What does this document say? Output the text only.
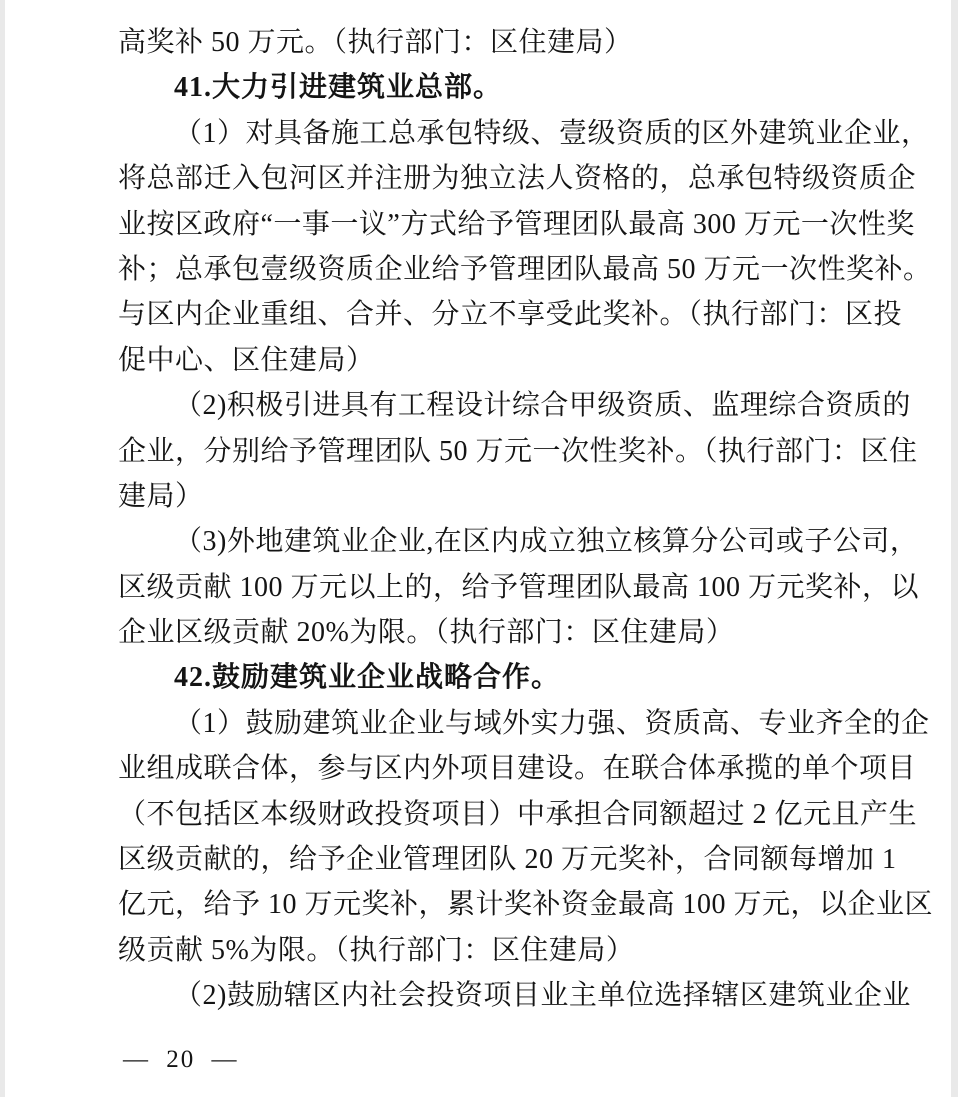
高奖补 50 万元。（执行部门：区住建局）
41.大力引进建筑业总部。
（1）对具备施工总承包特级、壹级资质的区外建筑业企业，
将总部迁入包河区并注册为独立法人资格的，总承包特级资质企
业按区政府“一事一议”方式给予管理团队最高 300 万元一次性奖
补；总承包壹级资质企业给予管理团队最高 50 万元一次性奖补。
与区内企业重组、合并、分立不享受此奖补。（执行部门：区投
促中心、区住建局）
（2)积极引进具有工程设计综合甲级资质、监理综合资质的
企业，分别给予管理团队 50 万元一次性奖补。（执行部门：区住
建局）
（3)外地建筑业企业,在区内成立独立核算分公司或子公司，
区级贡献 100 万元以上的，给予管理团队最高 100 万元奖补，以
企业区级贡献 20%为限。（执行部门：区住建局）
42.鼓励建筑业企业战略合作。
（1）鼓励建筑业企业与域外实力强、资质高、专业齐全的企
业组成联合体，参与区内外项目建设。在联合体承揽的单个项目
（不包括区本级财政投资项目）中承担合同额超过 2 亿元且产生
区级贡献的，给予企业管理团队 20 万元奖补，合同额每增加 1
亿元，给予 10 万元奖补，累计奖补资金最高 100 万元，以企业区
级贡献 5%为限。（执行部门：区住建局）
（2)鼓励辖区内社会投资项目业主单位选择辖区建筑业企业
— 20 —
